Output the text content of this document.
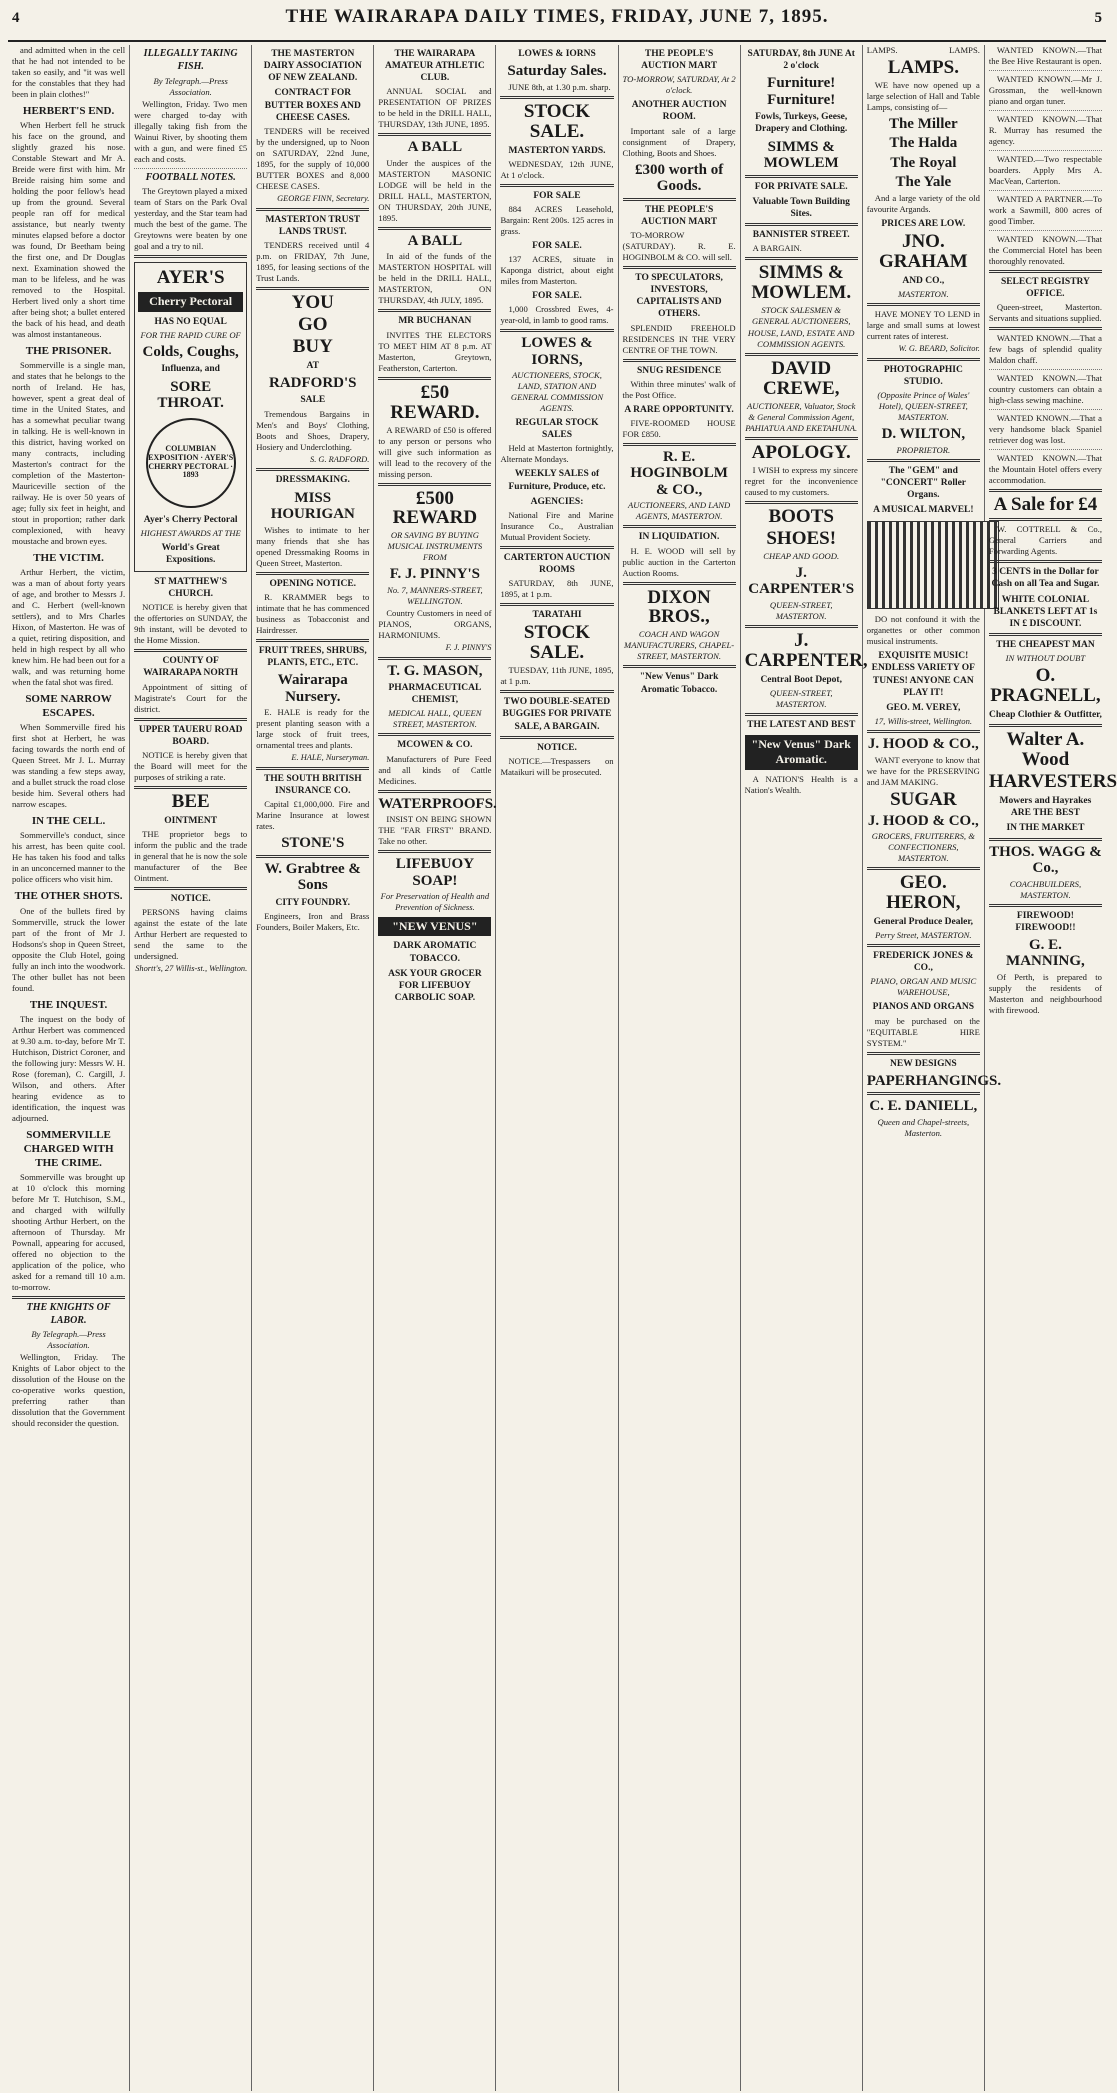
4	THE WAIRARAPA DAILY TIMES, FRIDAY, JUNE 7, 1895.	5

and admitted when in the cell that he had not intended to be taken so easily, and "it was well for the constables that they had been in plain clothes!"

HERBERT'S END.

When Herbert fell he struck his face on the ground, and slightly grazed his nose. Constable Stewart and Mr A. Breide were first with him. Mr Breide raising him some and holding the poor fellow's head up from the ground. Several people ran off for medical assistance, but nearly twenty minutes elapsed before a doctor was found, Dr Beetham being the first one, and Dr Douglas next. Examination showed the man to be lifeless, and he was removed to the Hospital. Herbert lived only a short time after being shot; a bullet entered the back of his head, and death was almost instantaneous.

THE PRISONER.

Sommerville is a single man, and states that he belongs to the north of Ireland. He has, however, spent a great deal of time in the United States, and has a somewhat peculiar twang in talking. He is well-known in this district, having worked on many contracts, including Masterton's contract for the completion of the Masterton-Mauriceville section of the railway. He is over 50 years of age; fully six feet in height, and stout in proportion; rather dark complexioned, with heavy moustache and brown eyes.

THE VICTIM.

Arthur Herbert, the victim, was a man of about forty years of age, and brother to Messrs J. and C. Herbert (well-known settlers), and to Mrs Charles Hixon, of Masterton. He was of a quiet, retiring disposition, and held in high respect by all who knew him. He had been out for a walk, and was returning home when the fatal shot was fired.

SOME NARROW ESCAPES.

When Sommerville fired his first shot at Herbert, he was facing towards the north end of Queen Street. Mr J. L. Murray was standing a few steps away, and a bullet struck the road close beside him. Several others had narrow escapes.

IN THE CELL.

Sommerville's conduct, since his arrest, has been quite cool. He has taken his food and talks in an unconcerned manner to the police officers who visit him.

THE OTHER SHOTS.

One of the bullets fired by Sommerville, struck the lower part of the front of Mr J. Hodsons's shop in Queen Street, opposite the Club Hotel, going fully an inch into the woodwork. The other bullet has not been found.

THE INQUEST.

The inquest on the body of Arthur Herbert was commenced at 9.30 a.m. to-day, before Mr T. Hutchison, District Coroner, and the following jury: Messrs W. H. Rose (foreman), C. Cargill, J. Wilson, and others. After hearing evidence as to identification, the inquest was adjourned.

SOMMERVILLE CHARGED WITH THE CRIME.

Sommerville was brought up at 10 o'clock this morning before Mr T. Hutchison, S.M., and charged with wilfully shooting Arthur Herbert, on the afternoon of Thursday. Mr Pownall, appearing for accused, offered no objection to the application of the police, who asked for a remand till 10 a.m. to-morrow.

THE KNIGHTS OF LABOR.
By Telegraph.—Press Association.

Wellington, Friday. The Knights of Labor object to the dissolution of the House on the co-operative works question, preferring rather than dissolution that the Government should reconsider the question.

ILLEGALLY TAKING FISH.
By Telegraph.—Press Association.

Wellington, Friday. Two men were charged to-day with illegally taking fish from the Wainui River, by shooting them with a gun, and were fined £5 each and costs.

FOOTBALL NOTES.

The Greytown played a mixed team of Stars on the Park Oval yesterday, and the Star team had much the best of the game. The Greytowns were beaten by one goal and a try to nil.

AYER'S
Cherry Pectoral
HAS NO EQUAL
FOR THE RAPID CURE OF
Colds, Coughs,
Influenza, and
SORE THROAT.
COLUMBIAN EXPOSITION · AYER'S CHERRY PECTORAL · 1893
Ayer's Cherry Pectoral
HIGHEST AWARDS AT THE
World's Great Expositions.
ST MATTHEW'S CHURCH.

NOTICE is hereby given that the offertories on SUNDAY, the 9th instant, will be devoted to the Home Mission.

COUNTY OF WAIRARAPA NORTH

Appointment of sitting of Magistrate's Court for the district.

UPPER TAUERU ROAD BOARD.

NOTICE is hereby given that the Board will meet for the purposes of striking a rate.

BEE
OINTMENT

THE proprietor begs to inform the public and the trade in general that he is now the sole manufacturer of the Bee Ointment.

NOTICE.

PERSONS having claims against the estate of the late Arthur Herbert are requested to send the same to the undersigned.

Shortt's, 27 Willis-st., Wellington.
THE MASTERTON DAIRY ASSOCIATION OF NEW ZEALAND.
CONTRACT FOR BUTTER BOXES AND CHEESE CASES.

TENDERS will be received by the undersigned, up to Noon on SATURDAY, 22nd June, 1895, for the supply of 10,000 BUTTER BOXES and 8,000 CHEESE CASES.

GEORGE FINN, Secretary.
MASTERTON TRUST LANDS TRUST.

TENDERS received until 4 p.m. on FRIDAY, 7th June, 1895, for leasing sections of the Trust Lands.

YOU
GO
BUY
AT
RADFORD'S
SALE

Tremendous Bargains in Men's and Boys' Clothing, Boots and Shoes, Drapery, Hosiery and Underclothing.

S. G. RADFORD.
DRESSMAKING.
MISS HOURIGAN

Wishes to intimate to her many friends that she has opened Dressmaking Rooms in Queen Street, Masterton.

OPENING NOTICE.

R. KRAMMER begs to intimate that he has commenced business as Tobacconist and Hairdresser.

FRUIT TREES, SHRUBS, PLANTS, ETC., ETC.
Wairarapa Nursery.

E. HALE is ready for the present planting season with a large stock of fruit trees, ornamental trees and plants.

E. HALE, Nurseryman.
THE SOUTH BRITISH INSURANCE CO.

Capital £1,000,000. Fire and Marine Insurance at lowest rates.

STONE'S
W. Grabtree & Sons
CITY FOUNDRY.

Engineers, Iron and Brass Founders, Boiler Makers, Etc.

THE WAIRARAPA AMATEUR ATHLETIC CLUB.

ANNUAL SOCIAL and PRESENTATION OF PRIZES to be held in the DRILL HALL, THURSDAY, 13th JUNE, 1895.

A BALL

Under the auspices of the MASTERTON MASONIC LODGE will be held in the DRILL HALL, MASTERTON, ON THURSDAY, 20th JUNE, 1895.

A BALL

In aid of the funds of the MASTERTON HOSPITAL will be held in the DRILL HALL, MASTERTON, ON THURSDAY, 4th JULY, 1895.

MR BUCHANAN

INVITES THE ELECTORS TO MEET HIM AT 8 p.m. AT Masterton, Greytown, Featherston, Carterton.

£50 REWARD.

A REWARD of £50 is offered to any person or persons who will give such information as will lead to the recovery of the missing person.

£500 REWARD
OR SAVING BY BUYING MUSICAL INSTRUMENTS FROM
F. J. PINNY'S
No. 7, MANNERS-STREET, WELLINGTON.

Country Customers in need of PIANOS, ORGANS, HARMONIUMS.

F. J. PINNY'S
T. G. MASON,
PHARMACEUTICAL CHEMIST,
MEDICAL HALL, QUEEN STREET, MASTERTON.
MCOWEN & CO.

Manufacturers of Pure Feed and all kinds of Cattle Medicines.

WATERPROOFS.

INSIST ON BEING SHOWN THE "FAR FIRST" BRAND. Take no other.

LIFEBUOY SOAP!
For Preservation of Health and Prevention of Sickness.
"NEW VENUS"
DARK AROMATIC TOBACCO.
ASK YOUR GROCER FOR LIFEBUOY CARBOLIC SOAP.
LOWES & IORNS
Saturday Sales.

JUNE 8th, at 1.30 p.m. sharp.

STOCK SALE.
MASTERTON YARDS.

WEDNESDAY, 12th JUNE, At 1 o'clock.

FOR SALE

884 ACRES Leasehold, Bargain: Rent 200s. 125 acres in grass.

FOR SALE.

137 ACRES, situate in Kaponga district, about eight miles from Masterton.

FOR SALE.

1,000 Crossbred Ewes, 4-year-old, in lamb to good rams.

LOWES & IORNS,
AUCTIONEERS, STOCK, LAND, STATION AND GENERAL COMMISSION AGENTS.
REGULAR STOCK SALES

Held at Masterton fortnightly, Alternate Mondays.

WEEKLY SALES of Furniture, Produce, etc.
AGENCIES:

National Fire and Marine Insurance Co., Australian Mutual Provident Society.

CARTERTON AUCTION ROOMS

SATURDAY, 8th JUNE, 1895, at 1 p.m.

TARATAHI
STOCK SALE.

TUESDAY, 11th JUNE, 1895, at 1 p.m.

TWO DOUBLE-SEATED BUGGIES FOR PRIVATE SALE, A BARGAIN.
NOTICE.

NOTICE.—Trespassers on Mataikuri will be prosecuted.

THE PEOPLE'S AUCTION MART
TO-MORROW, SATURDAY, At 2 o'clock.
ANOTHER AUCTION ROOM.

Important sale of a large consignment of Drapery, Clothing, Boots and Shoes.

£300 worth of Goods.
THE PEOPLE'S AUCTION MART

TO-MORROW (SATURDAY). R. E. HOGINBOLM & CO. will sell.

TO SPECULATORS, INVESTORS, CAPITALISTS AND OTHERS.

SPLENDID FREEHOLD RESIDENCES IN THE VERY CENTRE OF THE TOWN.

SNUG RESIDENCE

Within three minutes' walk of the Post Office.

A RARE OPPORTUNITY.

FIVE-ROOMED HOUSE FOR £850.

R. E. HOGINBOLM & CO.,
AUCTIONEERS, AND LAND AGENTS, MASTERTON.
IN LIQUIDATION.

H. E. WOOD will sell by public auction in the Carterton Auction Rooms.

DIXON BROS.,
COACH AND WAGON MANUFACTURERS, CHAPEL-STREET, MASTERTON.
"New Venus" Dark Aromatic Tobacco.
SATURDAY, 8th JUNE At 2 o'clock
Furniture! Furniture!
Fowls, Turkeys, Geese, Drapery and Clothing.
SIMMS & MOWLEM
FOR PRIVATE SALE.
Valuable Town Building Sites.
BANNISTER STREET.

A BARGAIN.

SIMMS & MOWLEM.
STOCK SALESMEN & GENERAL AUCTIONEERS,
HOUSE, LAND, ESTATE AND COMMISSION AGENTS.
DAVID CREWE,
AUCTIONEER, Valuator, Stock & General Commission Agent, PAHIATUA AND EKETAHUNA.
APOLOGY.

I WISH to express my sincere regret for the inconvenience caused to my customers.

BOOTS
SHOES!
CHEAP AND GOOD.
J. CARPENTER'S
QUEEN-STREET, MASTERTON.
J. CARPENTER,
Central Boot Depot,
QUEEN-STREET, MASTERTON.
THE LATEST AND BEST
"New Venus" Dark Aromatic.

A NATION'S Health is a Nation's Wealth.

LAMPS.	LAMPS.
LAMPS.

WE have now opened up a large selection of Hall and Table Lamps, consisting of—

The Miller
The Halda
The Royal
The Yale

And a large variety of the old favourite Argands.

PRICES ARE LOW.
JNO. GRAHAM
AND CO.,
MASTERTON.

HAVE MONEY TO LEND in large and small sums at lowest current rates of interest.

W. G. BEARD, Solicitor.
PHOTOGRAPHIC STUDIO.
(Opposite Prince of Wales' Hotel), QUEEN-STREET, MASTERTON.
D. WILTON,
PROPRIETOR.
The "GEM" and "CONCERT" Roller Organs.
A MUSICAL MARVEL!

DO not confound it with the organettes or other common musical instruments.

EXQUISITE MUSIC! ENDLESS VARIETY OF TUNES! ANYONE CAN PLAY IT!
GEO. M. VEREY,
17, Willis-street, Wellington.
J. HOOD & CO.,

WANT everyone to know that we have for the PRESERVING and JAM MAKING.

SUGAR
J. HOOD & CO.,
GROCERS, FRUITERERS, & CONFECTIONERS, MASTERTON.
GEO. HERON,
General Produce Dealer,
Perry Street, MASTERTON.
FREDERICK JONES & CO.,
PIANO, ORGAN AND MUSIC WAREHOUSE,
PIANOS AND ORGANS

may be purchased on the "EQUITABLE HIRE SYSTEM."

NEW DESIGNS
PAPERHANGINGS.
C. E. DANIELL,
Queen and Chapel-streets, Masterton.

WANTED KNOWN.—That the Bee Hive Restaurant is open.

WANTED KNOWN.—Mr J. Grossman, the well-known piano and organ tuner.

WANTED KNOWN.—That R. Murray has resumed the agency.

WANTED.—Two respectable boarders. Apply Mrs A. MacVean, Carterton.

WANTED A PARTNER.—To work a Sawmill, 800 acres of good Timber.

WANTED KNOWN.—That the Commercial Hotel has been thoroughly renovated.

SELECT REGISTRY OFFICE.

Queen-street, Masterton. Servants and situations supplied.

WANTED KNOWN.—That a few bags of splendid quality Maldon chaff.

WANTED KNOWN.—That country customers can obtain a high-class sewing machine.

WANTED KNOWN.—That a very handsome black Spaniel retriever dog was lost.

WANTED KNOWN.—That the Mountain Hotel offers every accommodation.

A Sale for £4

W. COTTRELL & Co., General Carriers and Forwarding Agents.

3 CENTS in the Dollar for Cash on all Tea and Sugar.
WHITE COLONIAL BLANKETS LEFT AT 1s IN £ DISCOUNT.
THE CHEAPEST MAN
IN WITHOUT DOUBT
O. PRAGNELL,
Cheap Clothier & Outfitter,
Walter A. Wood
HARVESTERS
Mowers and Hayrakes ARE THE BEST
IN THE MARKET
THOS. WAGG & Co.,
COACHBUILDERS, MASTERTON.
FIREWOOD! FIREWOOD!!
G. E. MANNING,

Of Perth, is prepared to supply the residents of Masterton and neighbourhood with firewood.
